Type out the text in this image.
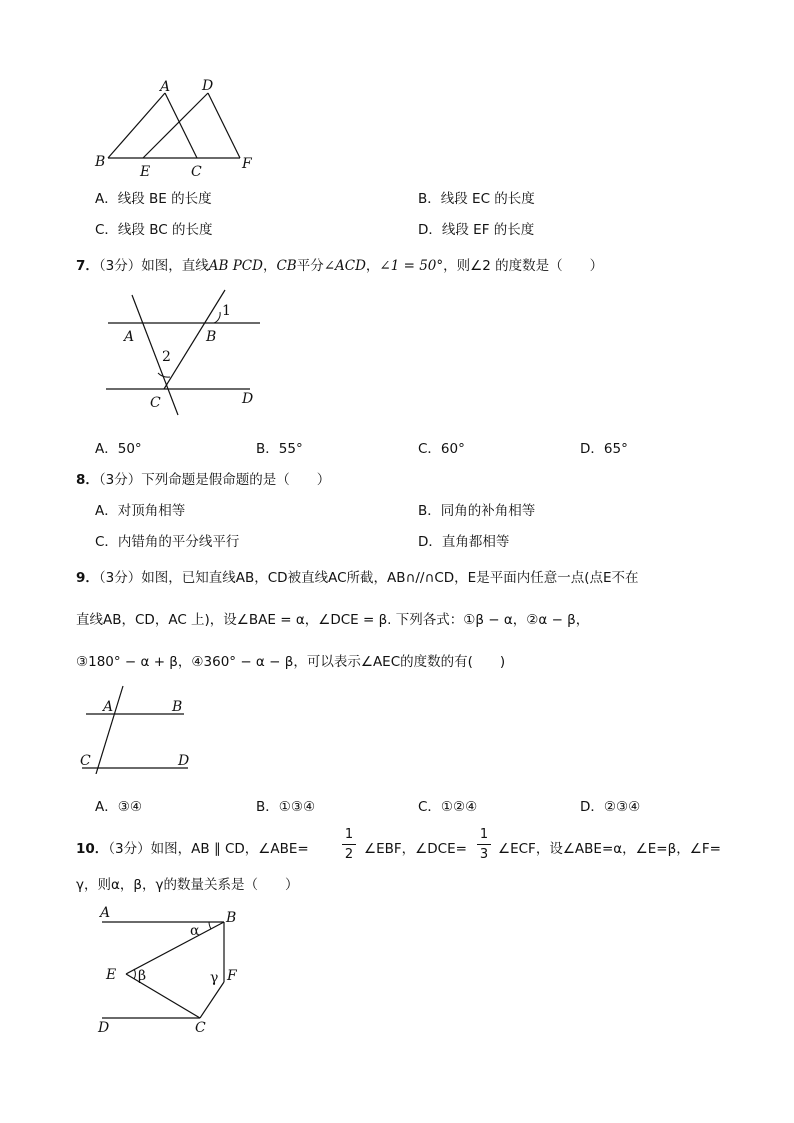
A D
B
E	C	F
A．线段 BE 的长度	B．线段 EC 的长度
C．线段 BC 的长度	D．线段 EF 的长度
7．（3分）如图，直线AB PCD，CB平分∠ACD，∠1 = 50°，则∠2 的度数是（　　）
1
2
A	B
C	D
A．50°	B．55°	C．60°	D．65°
8．（3分）下列命题是假命题的是（　　）
A．对顶角相等	B．同角的补角相等
C．内错角的平分线平行	D．直角都相等
9．（3分）如图，已知直线AB，CD被直线AC所截，AB∩//∩CD，E是平面内任意一点(点E不在
直线AB，CD，AC 上)，设∠BAE = α，∠DCE = β. 下列各式：①β − α，②α − β，
③180° − α + β，④360° − α − β，可以表示∠AEC的度数的有(　　)
A	B
C	D
A．③④	B．①③④	C．①②④	D．②③④
10．（3分）如图，AB ∥ CD，∠ABE=
1
2 ∠EBF，∠DCE=
1
3 ∠ECF，设∠ABE=α，∠E=β，∠F=
γ，则α，β，γ的数量关系是（　　）
A	B
E	F
D	C
α
β	γ
